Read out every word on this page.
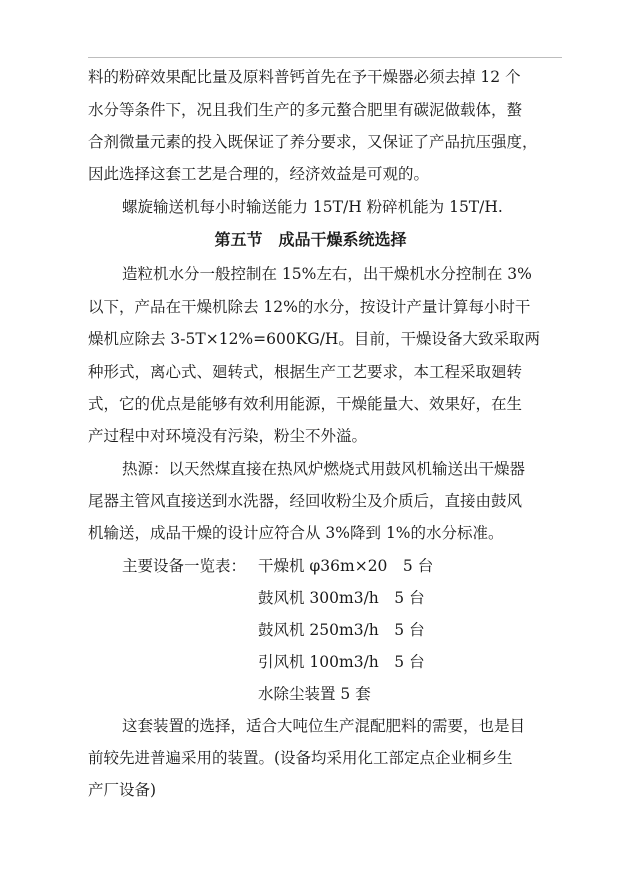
料的粉碎效果配比量及原料普钙首先在予干燥器必须去掉 12 个
水分等条件下，况且我们生产的多元螯合肥里有碳泥做载体，螯
合剂微量元素的投入既保证了养分要求，又保证了产品抗压强度，
因此选择这套工艺是合理的，经济效益是可观的。
螺旋输送机每小时输送能力 15T/H 粉碎机能为 15T/H.
第五节　成品干燥系统选择
造粒机水分一般控制在 15%左右，出干燥机水分控制在 3%
以下，产品在干燥机除去 12%的水分，按设计产量计算每小时干
燥机应除去 3-5T×12%=600KG/H。目前，干燥设备大致采取两
种形式，离心式、廻转式，根据生产工艺要求，本工程采取廻转
式，它的优点是能够有效利用能源，干燥能量大、效果好，在生
产过程中对环境没有污染，粉尘不外溢。
热源：以天然煤直接在热风炉燃烧式用鼓风机输送出干燥器
尾器主管风直接送到水洗器，经回收粉尘及介质后，直接由鼓风
机输送，成品干燥的设计应符合从 3%降到 1%的水分标准。
主要设备一览表： 干燥机 φ36m×20　5 台
鼓风机 300m3/h　5 台
鼓风机 250m3/h　5 台
引风机 100m3/h　5 台
水除尘装置 5 套
这套装置的选择，适合大吨位生产混配肥料的需要，也是目
前较先进普遍采用的装置。(设备均采用化工部定点企业桐乡生
产厂设备)
